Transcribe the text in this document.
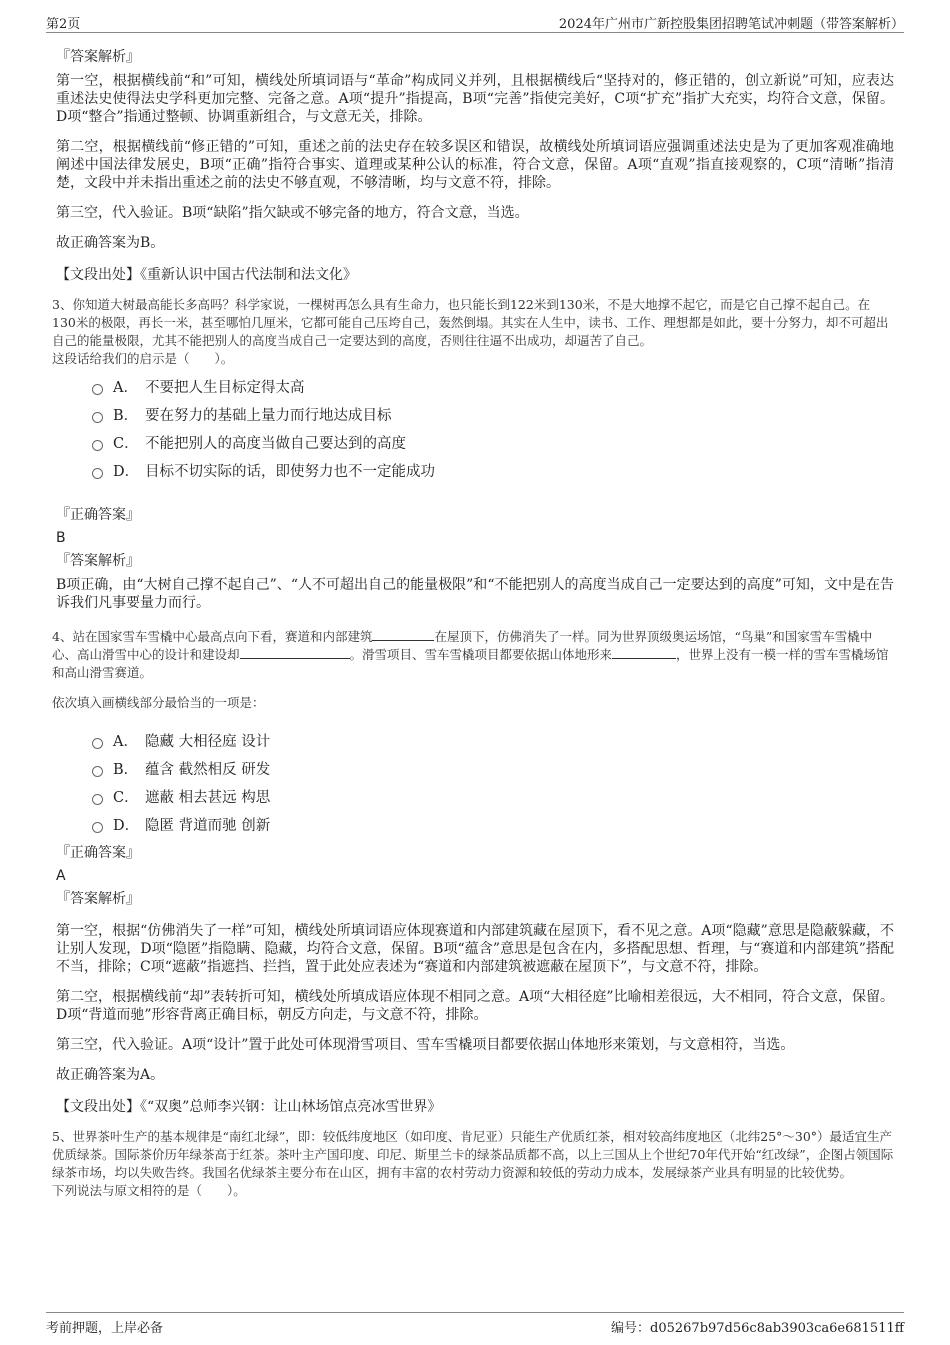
第2页	2024年广州市广新控股集团招聘笔试冲刺题（带答案解析）
『答案解析』

第一空，根据横线前“和”可知，横线处所填词语与“革命”构成同义并列，且根据横线后“坚持对的，修正错的，创立新说”可知，应表达重述法史使得法史学科更加完整、完备之意。A项“提升”指提高，B项“完善”指使完美好，C项“扩充”指扩大充实，均符合文意，保留。D项“整合”指通过整顿、协调重新组合，与文意无关，排除。

第二空，根据横线前“修正错的”可知，重述之前的法史存在较多误区和错误，故横线处所填词语应强调重述法史是为了更加客观准确地阐述中国法律发展史，B项“正确”指符合事实、道理或某种公认的标准，符合文意，保留。A项“直观”指直接观察的，C项“清晰”指清楚，文段中并未指出重述之前的法史不够直观，不够清晰，均与文意不符，排除。

第三空，代入验证。B项“缺陷”指欠缺或不够完备的地方，符合文意，当选。

故正确答案为B。

【文段出处】《重新认识中国古代法制和法文化》
3、你知道大树最高能长多高吗？科学家说，一棵树再怎么具有生命力，也只能长到122米到130米，不是大地撑不起它，而是它自己撑不起自己。在130米的极限，再长一米，甚至哪怕几厘米，它都可能自己压垮自己，轰然倒塌。其实在人生中，读书、工作、理想都是如此，要十分努力，却不可超出自己的能量极限，尤其不能把别人的高度当成自己一定要达到的高度，否则往往逼不出成功，却逼苦了自己。
这段话给我们的启示是（　　）。
A． 不要把人生目标定得太高
B． 要在努力的基础上量力而行地达成目标
C． 不能把别人的高度当做自己要达到的高度
D． 目标不切实际的话，即使努力也不一定能成功
『正确答案』
B
『答案解析』

B项正确，由“大树自己撑不起自己”、“人不可超出自己的能量极限”和“不能把别人的高度当成自己一定要达到的高度”可知，文中是在告诉我们凡事要量力而行。

4、站在国家雪车雪橇中心最高点向下看，赛道和内部建筑	在屋顶下，仿佛消失了一样。同为世界顶级奥运场馆，“鸟巢”和国家雪车雪橇中心、高山滑雪中心的设计和建设却	。滑雪项目、雪车雪橇项目都要依据山体地形来	，世界上没有一模一样的雪车雪橇场馆和高山滑雪赛道。
依次填入画横线部分最恰当的一项是：
A． 隐藏 大相径庭 设计
B． 蕴含 截然相反 研发
C． 遮蔽 相去甚远 构思
D． 隐匿 背道而驰 创新
『正确答案』
A
『答案解析』

第一空，根据“仿佛消失了一样”可知，横线处所填词语应体现赛道和内部建筑藏在屋顶下，看不见之意。A项“隐藏”意思是隐蔽躲藏，不让别人发现，D项“隐匿”指隐瞒、隐藏，均符合文意，保留。B项“蕴含”意思是包含在内，多搭配思想、哲理，与“赛道和内部建筑”搭配不当，排除；C项“遮蔽”指遮挡、拦挡，置于此处应表述为“赛道和内部建筑被遮蔽在屋顶下”，与文意不符，排除。

第二空，根据横线前“却”表转折可知，横线处所填成语应体现不相同之意。A项“大相径庭”比喻相差很远，大不相同，符合文意，保留。D项“背道而驰”形容背离正确目标，朝反方向走，与文意不符，排除。

第三空，代入验证。A项“设计”置于此处可体现滑雪项目、雪车雪橇项目都要依据山体地形来策划，与文意相符，当选。

故正确答案为A。

【文段出处】《“双奥”总师李兴钢：让山林场馆点亮冰雪世界》
5、世界茶叶生产的基本规律是“南红北绿”，即：较低纬度地区（如印度、肯尼亚）只能生产优质红茶，相对较高纬度地区（北纬25°～30°）最适宜生产优质绿茶。国际茶价历年绿茶高于红茶。茶叶主产国印度、印尼、斯里兰卡的绿茶品质都不高，以上三国从上个世纪70年代开始“红改绿”，企图占领国际绿茶市场，均以失败告终。我国名优绿茶主要分布在山区，拥有丰富的农村劳动力资源和较低的劳动力成本，发展绿茶产业具有明显的比较优势。
下列说法与原文相符的是（　　）。
考前押题，上岸必备	编号：d05267b97d56c8ab3903ca6e681511ff
